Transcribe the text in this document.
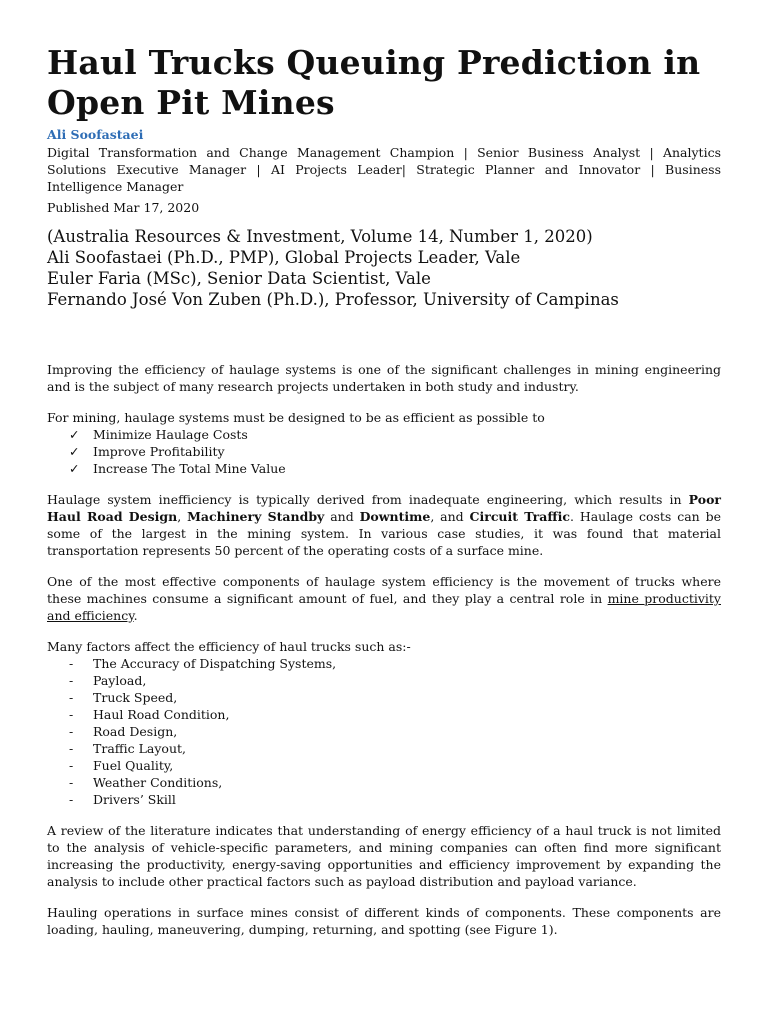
Haul Trucks Queuing Prediction in Open Pit Mines
Ali Soofastaei
Digital Transformation and Change Management Champion | Senior Business Analyst | Analytics Solutions Executive Manager | AI Projects Leader| Strategic Planner and Innovator | Business Intelligence Manager
Published Mar 17, 2020
(Australia Resources & Investment, Volume 14, Number 1, 2020)
Ali Soofastaei (Ph.D., PMP), Global Projects Leader, Vale
Euler Faria (MSc), Senior Data Scientist, Vale
Fernando José Von Zuben (Ph.D.), Professor, University of Campinas

Improving the efficiency of haulage systems is one of the significant challenges in mining engineering and is the subject of many research projects undertaken in both study and industry.

For mining, haulage systems must be designed to be as efficient as possible to

✓	Minimize Haulage Costs
✓	Improve Profitability
✓	Increase The Total Mine Value

Haulage system inefficiency is typically derived from inadequate engineering, which results in Poor Haul Road Design, Machinery Standby and Downtime, and Circuit Traffic. Haulage costs can be some of the largest in the mining system. In various case studies, it was found that material transportation represents 50 percent of the operating costs of a surface mine.

One of the most effective components of haulage system efficiency is the movement of trucks where these machines consume a significant amount of fuel, and they play a central role in mine productivity and efficiency.

Many factors affect the efficiency of haul trucks such as:-

-	The Accuracy of Dispatching Systems,
-	Payload,
-	Truck Speed,
-	Haul Road Condition,
-	Road Design,
-	Traffic Layout,
-	Fuel Quality,
-	Weather Conditions,
-	Drivers’ Skill

A review of the literature indicates that understanding of energy efficiency of a haul truck is not limited to the analysis of vehicle-specific parameters, and mining companies can often find more significant increasing the productivity, energy-saving opportunities and efficiency improvement by expanding the analysis to include other practical factors such as payload distribution and payload variance.

Hauling operations in surface mines consist of different kinds of components. These components are loading, hauling, maneuvering, dumping, returning, and spotting (see Figure 1).
